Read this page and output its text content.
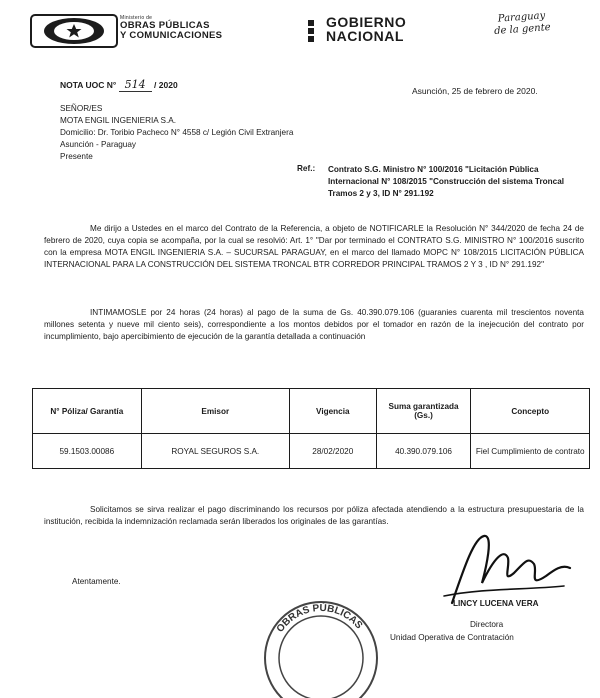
Ministerio de
OBRAS PÚBLICAS
Y COMUNICACIONES
GOBIERNO
NACIONAL
Paraguay
de la gente
NOTA UOC N° 514 / 2020
Asunción, 25 de febrero de 2020.
SEÑOR/ES
MOTA ENGIL INGENIERIA S.A.
Domicilio: Dr. Toribio Pacheco N° 4558 c/ Legión Civil Extranjera
Asunción - Paraguay
Presente
Ref.: Contrato S.G. Ministro N° 100/2016 "Licitación Pública Internacional N° 108/2015 "Construcción del sistema Troncal Tramos 2 y 3, ID N° 291.192
Me dirijo a Ustedes en el marco del Contrato de la Referencia, a objeto de NOTIFICARLE la Resolución N° 344/2020 de fecha 24 de febrero de 2020, cuya copia se acompaña, por la cual se resolvió: Art. 1° "Dar por terminado el CONTRATO S.G. MINISTRO N° 100/2016 suscrito con la empresa MOTA ENGIL INGENIERIA S.A. – SUCURSAL PARAGUAY, en el marco del llamado MOPC N° 108/2015 LICITACIÓN PÚBLICA INTERNACIONAL PARA LA CONSTRUCCIÓN DEL SISTEMA TRONCAL BTR CORREDOR PRINCIPAL TRAMOS 2 Y 3 , ID N° 291.192"
INTIMAMOSLE por 24 horas (24 horas) al pago de la suma de Gs. 40.390.079.106 (guaranies cuarenta mil trescientos noventa millones setenta y nueve mil ciento seis), correspondiente a los montos debidos por el tomador en razón de la inejecución del contrato por incumplimiento, bajo apercibimiento de ejecución de la garantía detallada a continuación
N° Póliza/ Garantía	Emisor	Vigencia	Suma garantizada (Gs.)	Concepto
59.1503.00086	ROYAL SEGUROS S.A.	28/02/2020	40.390.079.106	Fiel Cumplimiento de contrato
Solicitamos se sirva realizar el pago discriminando los recursos por póliza afectada atendiendo a la estructura presupuestaria de la institución, recibida la indemnización reclamada serán liberados los originales de las garantías.
Atentamente.
OBRAS PÚBLICAS
LINCY LUCENA VERA
Directora
Unidad Operativa de Contratación
